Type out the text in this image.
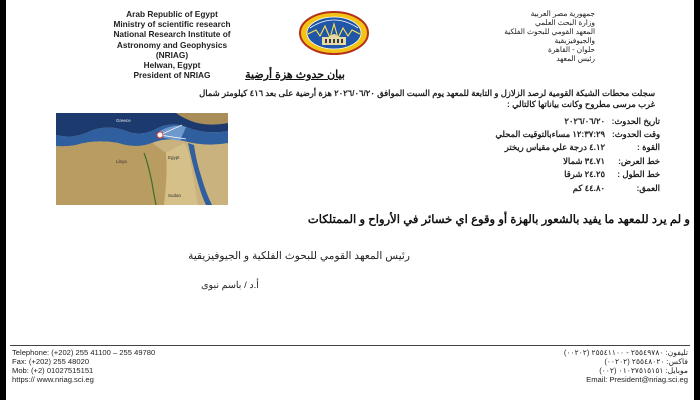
Arab Republic of Egypt
Ministry of scientific research
National Research Institute of
Astronomy and Geophysics
(NRIAG)
Helwan, Egypt
President of NRIAG
جمهورية مصر العربية
وزارة البحث العلمي
المعهد القومي للبحوث الفلكية
والجيوفيزيقية
حلوان - القاهرة
رئيس المعهد
بيان حدوث هزة أرضية
سجلت محطات الشبكة القومية لرصد الزلازل و التابعة للمعهد يوم السبت الموافق ٢٠٢٦/٠٦/٢٠ هزة أرضية على بعد ٤١٦ كيلومتر شمال غرب مرسى مطروح وكانت بياناتها كالتالي :
Greece
Egypt
Libya
Sudan
تاريخ الحدوث:
٢٠٢٦/٠٦/٢٠
وقت الحدوث:
١٢:٣٧:٢٩ مساءبالتوقيت المحلي
القوة :
٤.١٢ درجة علي مقياس ريختر
خط العرض:
٣٤.٧١ شمالا
خط الطول :
٢٤.٢٥ شرقا
العمق:
٤٤.٨٠ كم
و لم يرد للمعهد ما يفيد بالشعور بالهزة أو وقوع اي خسائر في الأرواح و الممتلكات
رئيس المعهد القومي للبحوث الفلكية و الجيوفيزيقية
أ.د / باسم نبوى
Telephone: (+202) 255 41100 – 255 49780
Fax: (+202) 255 48020
Mob: (+2) 01027515151
https:// www.nriag.sci.eg
تليفون: ٢٥٥٤٩٧٨٠ - ٢٥٥٤١١٠٠ (٠٠٢٠٢)
فاكس: ٢٥٥٤٨٠٢٠ (٠٠٢٠٢)
موبايل: ٠١٠٢٧٥١٥١٥١ (٠٠٢)
Email: President@nriag.sci.eg
